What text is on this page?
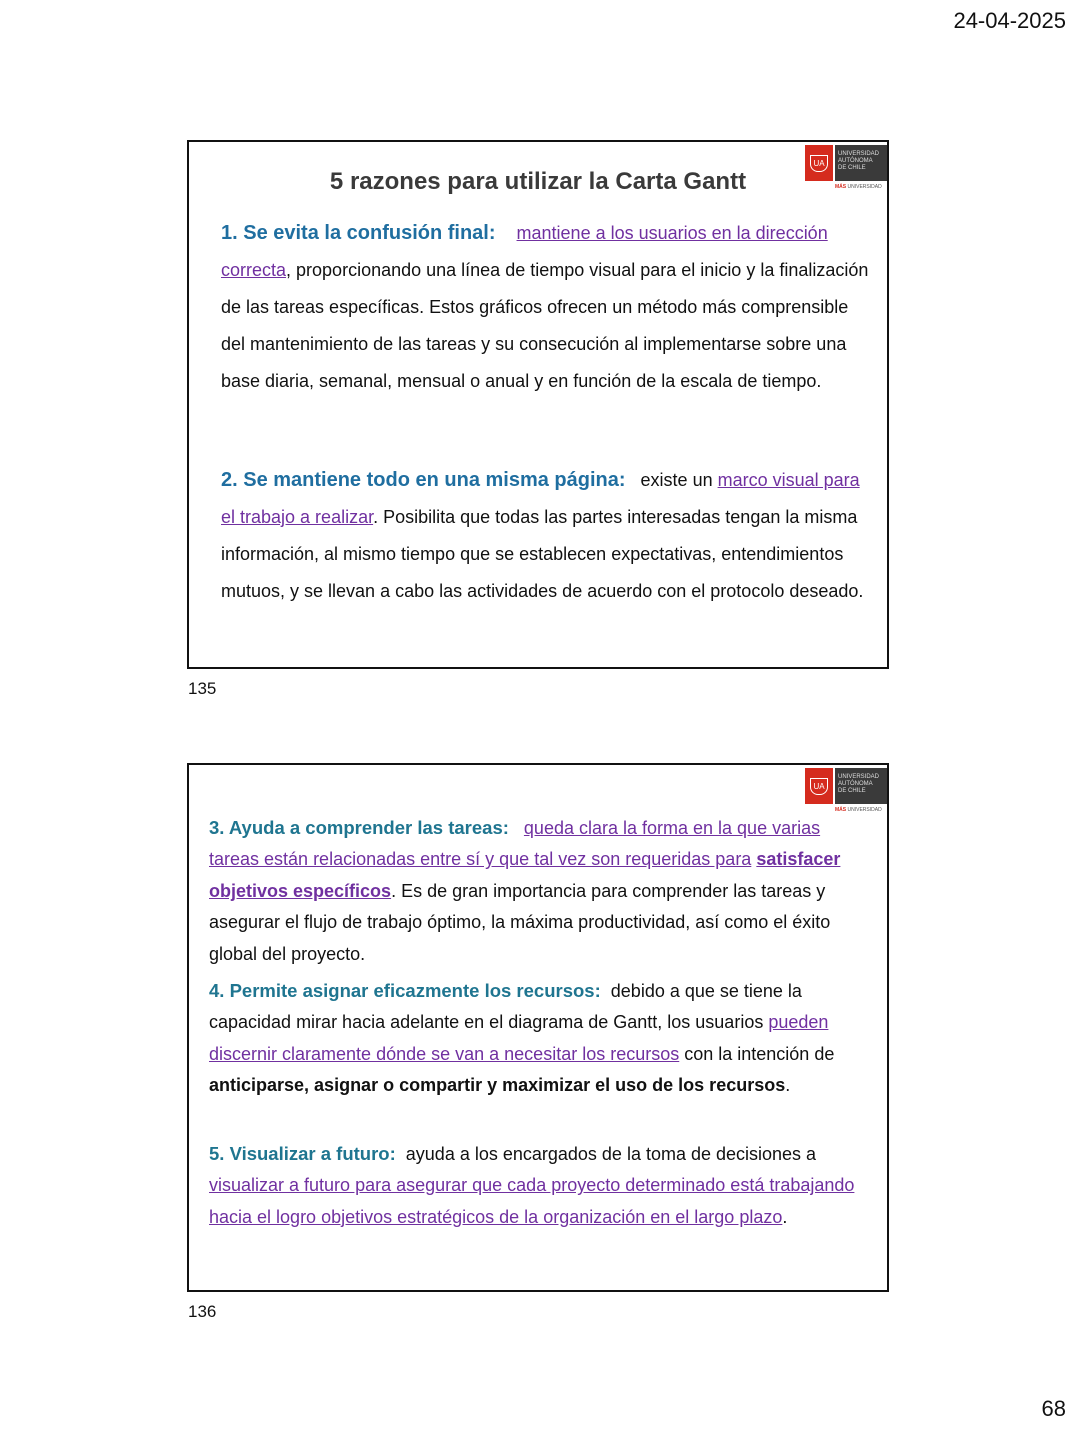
24-04-2025
UA
UNIVERSIDAD
AUTÓNOMA
DE CHILE
MÁS UNIVERSIDAD
5 razones para utilizar la Carta Gantt
1. Se evita la confusión final: mantiene a los usuarios en la dirección correcta, proporcionando una línea de tiempo visual para el inicio y la finalización de las tareas específicas. Estos gráficos ofrecen un método más comprensible del mantenimiento de las tareas y su consecución al implementarse sobre una base diaria, semanal, mensual o anual y en función de la escala de tiempo.
2. Se mantiene todo en una misma página: existe un marco visual para el trabajo a realizar. Posibilita que todas las partes interesadas tengan la misma información, al mismo tiempo que se establecen expectativas, entendimientos mutuos, y se llevan a cabo las actividades de acuerdo con el protocolo deseado.
135
UA
UNIVERSIDAD
AUTÓNOMA
DE CHILE
MÁS UNIVERSIDAD
3. Ayuda a comprender las tareas: queda clara la forma en la que varias tareas están relacionadas entre sí y que tal vez son requeridas para satisfacer objetivos específicos. Es de gran importancia para comprender las tareas y asegurar el flujo de trabajo óptimo, la máxima productividad, así como el éxito global del proyecto.
4. Permite asignar eficazmente los recursos: debido a que se tiene la capacidad mirar hacia adelante en el diagrama de Gantt, los usuarios pueden discernir claramente dónde se van a necesitar los recursos con la intención de anticiparse, asignar o compartir y maximizar el uso de los recursos.
5. Visualizar a futuro: ayuda a los encargados de la toma de decisiones a visualizar a futuro para asegurar que cada proyecto determinado está trabajando hacia el logro objetivos estratégicos de la organización en el largo plazo.
136
68
